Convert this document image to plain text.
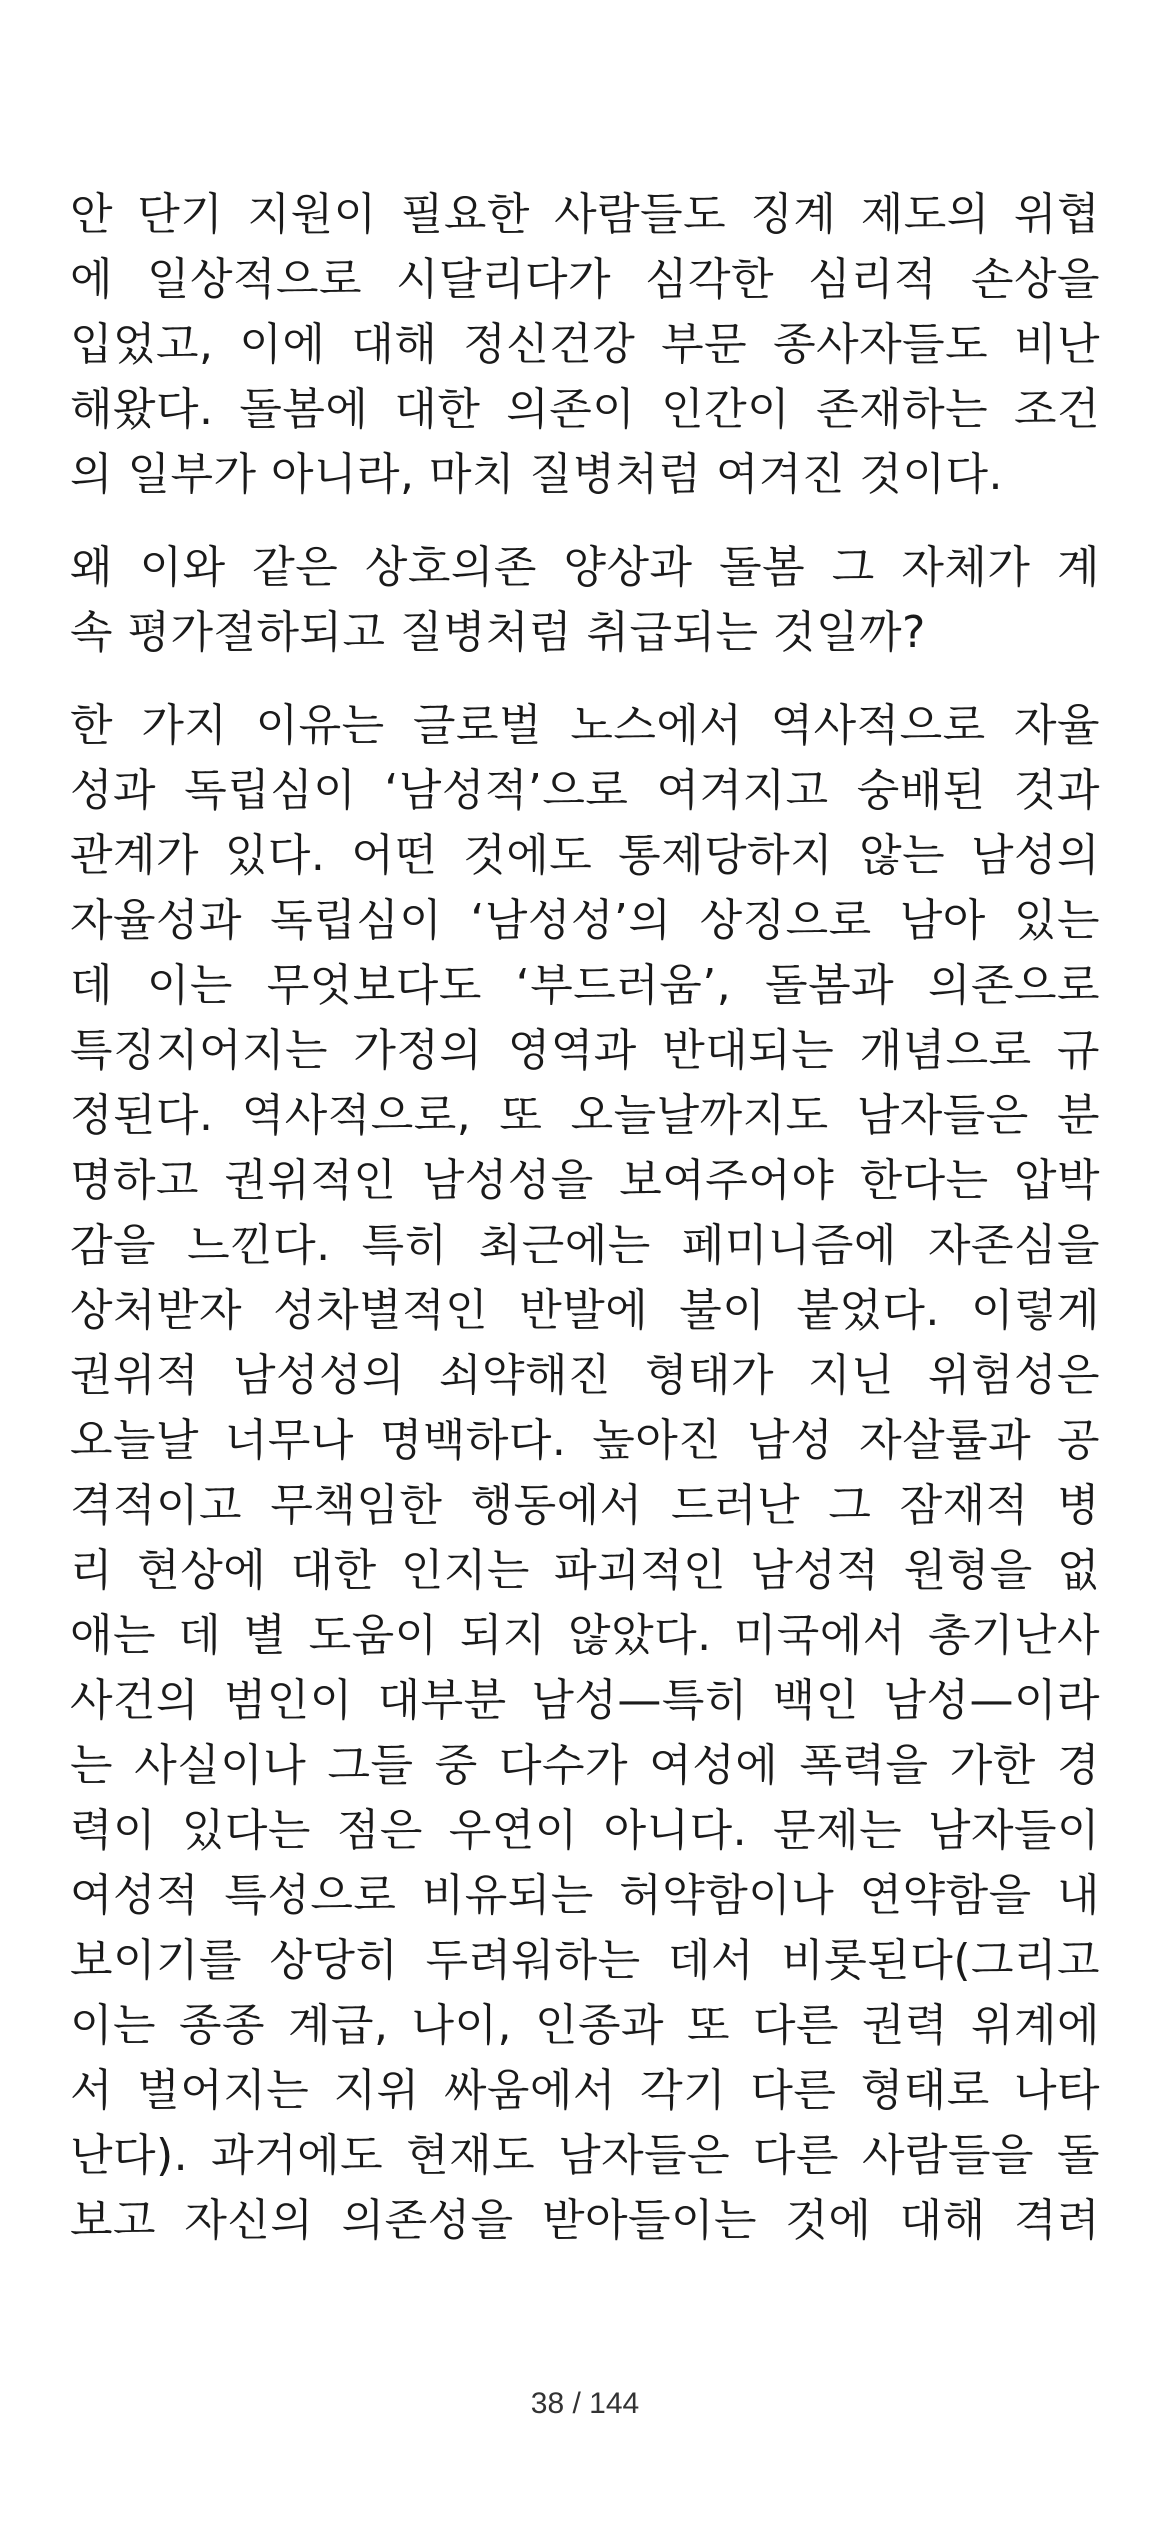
안 단기 지원이 필요한 사람들도 징계 제도의 위협
에 일상적으로 시달리다가 심각한 심리적 손상을
입었고, 이에 대해 정신건강 부문 종사자들도 비난
해왔다. 돌봄에 대한 의존이 인간이 존재하는 조건
의 일부가 아니라, 마치 질병처럼 여겨진 것이다.

왜 이와 같은 상호의존 양상과 돌봄 그 자체가 계
속 평가절하되고 질병처럼 취급되는 것일까?

한 가지 이유는 글로벌 노스에서 역사적으로 자율
성과 독립심이 ‘남성적’으로 여겨지고 숭배된 것과
관계가 있다. 어떤 것에도 통제당하지 않는 남성의
자율성과 독립심이 ‘남성성’의 상징으로 남아 있는
데 이는 무엇보다도 ‘부드러움’, 돌봄과 의존으로
특징지어지는 가정의 영역과 반대되는 개념으로 규
정된다. 역사적으로, 또 오늘날까지도 남자들은 분
명하고 권위적인 남성성을 보여주어야 한다는 압박
감을 느낀다. 특히 최근에는 페미니즘에 자존심을
상처받자 성차별적인 반발에 불이 붙었다. 이렇게
권위적 남성성의 쇠약해진 형태가 지닌 위험성은
오늘날 너무나 명백하다. 높아진 남성 자살률과 공
격적이고 무책임한 행동에서 드러난 그 잠재적 병
리 현상에 대한 인지는 파괴적인 남성적 원형을 없
애는 데 별 도움이 되지 않았다. 미국에서 총기난사
사건의 범인이 대부분 남성—특히 백인 남성—이라
는 사실이나 그들 중 다수가 여성에 폭력을 가한 경
력이 있다는 점은 우연이 아니다. 문제는 남자들이
여성적 특성으로 비유되는 허약함이나 연약함을 내
보이기를 상당히 두려워하는 데서 비롯된다(그리고
이는 종종 계급, 나이, 인종과 또 다른 권력 위계에
서 벌어지는 지위 싸움에서 각기 다른 형태로 나타
난다). 과거에도 현재도 남자들은 다른 사람들을 돌
보고 자신의 의존성을 받아들이는 것에 대해 격려

38 / 144
